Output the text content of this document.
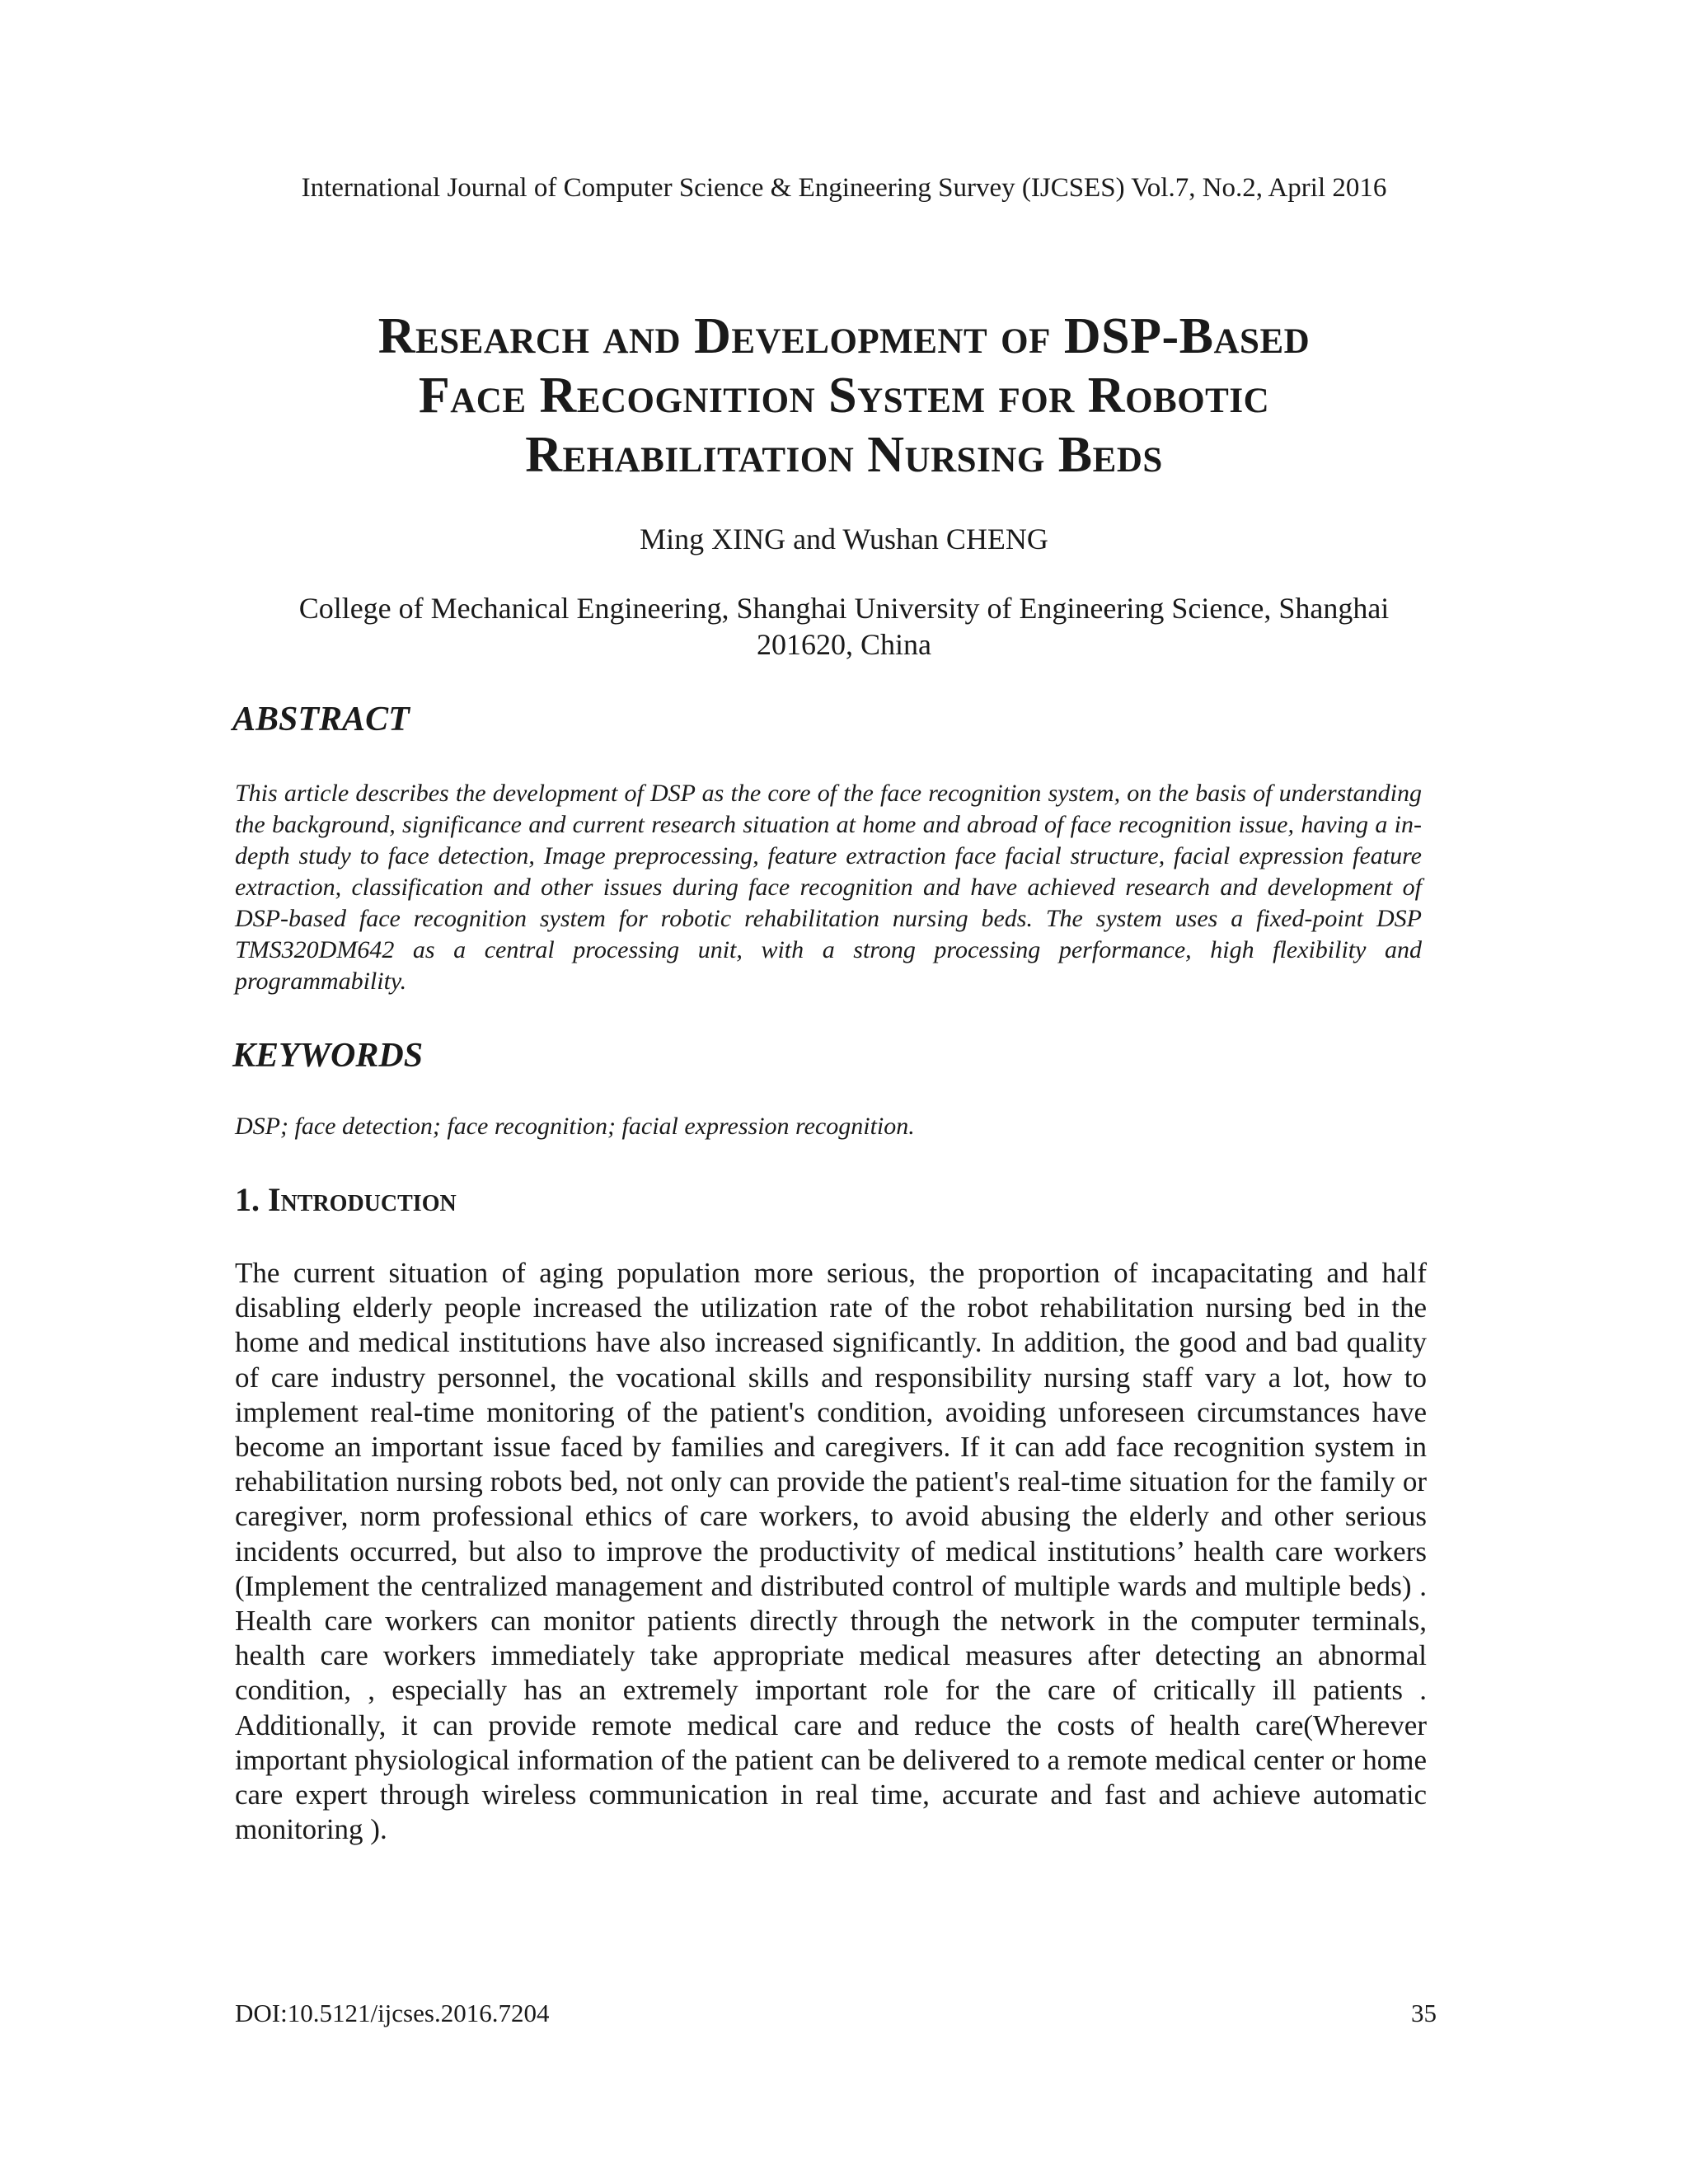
International Journal of Computer Science & Engineering Survey (IJCSES) Vol.7, No.2, April 2016
Research and Development of DSP-Based
Face Recognition System for Robotic
Rehabilitation Nursing Beds
Ming XING and Wushan CHENG
College of Mechanical Engineering, Shanghai University of Engineering Science, Shanghai
201620, China
ABSTRACT
This article describes the development of DSP as the core of the face recognition system, on the basis of understanding the background, significance and current research situation at home and abroad of face recognition issue, having a in-depth study to face detection, Image preprocessing, feature extraction face facial structure, facial expression feature extraction, classification and other issues during face recognition and have achieved research and development of DSP-based face recognition system for robotic rehabilitation nursing beds. The system uses a fixed-point DSP TMS320DM642 as a central processing unit, with a strong processing performance, high flexibility and programmability.
KEYWORDS
DSP; face detection; face recognition; facial expression recognition.
1. Introduction
The current situation of aging population more serious, the proportion of incapacitating and half disabling elderly people increased the utilization rate of the robot rehabilitation nursing bed in the home and medical institutions have also increased significantly. In addition, the good and bad quality of care industry personnel, the vocational skills and responsibility nursing staff vary a lot, how to implement real-time monitoring of the patient's condition, avoiding unforeseen circumstances have become an important issue faced by families and caregivers. If it can add face recognition system in rehabilitation nursing robots bed, not only can provide the patient's real-time situation for the family or caregiver, norm professional ethics of care workers, to avoid abusing the elderly and other serious incidents occurred, but also to improve the productivity of medical institutions’ health care workers (Implement the centralized management and distributed control of multiple wards and multiple beds) . Health care workers can monitor patients directly through the network in the computer terminals, health care workers immediately take appropriate medical measures after detecting an abnormal condition, , especially has an extremely important role for the care of critically ill patients . Additionally, it can provide remote medical care and reduce the costs of health care(Wherever important physiological information of the patient can be delivered to a remote medical center or home care expert through wireless communication in real time, accurate and fast and achieve automatic monitoring ).
DOI:10.5121/ijcses.2016.7204	35
